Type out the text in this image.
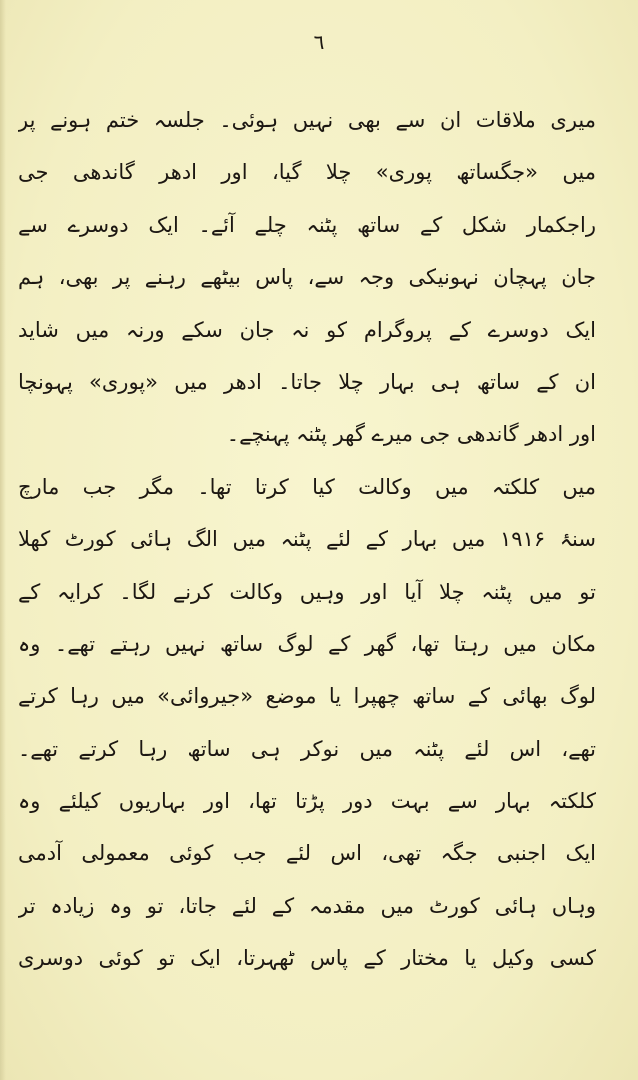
٦
میری ملاقات ان سے بھی نہیں ہوئی۔ جلسہ ختم ہونے پر
میں «جگساتھ پوری» چلا گیا، اور ادھر گاندھی جی
راجکمار شکل کے ساتھ پٹنہ چلے آئے۔ ایک دوسرے سے
جان پہچان نہونیکی وجہ سے، پاس بیٹھے رہنے پر بھی، ہم
ایک دوسرے کے پروگرام کو نہ جان سکے ورنہ میں شاید
ان کے ساتھ ہی بہار چلا جاتا۔ ادھر میں «پوری» پہونچا
اور ادھر گاندھی جی میرے گھر پٹنہ پہنچے۔
میں کلکتہ میں وکالت کیا کرتا تھا۔ مگر جب مارچ
سنۂ ۱۹۱۶ میں بہار کے لئے پٹنہ میں الگ ہائی کورٹ کھلا
تو میں پٹنہ چلا آیا اور وہیں وکالت کرنے لگا۔ کرایہ کے
مکان میں رہتا تھا، گھر کے لوگ ساتھ نہیں رہتے تھے۔ وہ
لوگ بھائی کے ساتھ چھپرا یا موضع «جیروائی» میں رہا کرتے
تھے، اس لئے پٹنہ میں نوکر ہی ساتھ رہا کرتے تھے۔
کلکتہ بہار سے بہت دور پڑتا تھا، اور بہاریوں کیلئے وہ
ایک اجنبی جگہ تھی، اس لئے جب کوئی معمولی آدمی
وہاں ہائی کورٹ میں مقدمہ کے لئے جاتا، تو وہ زیادہ تر
کسی وکیل یا مختار کے پاس ٹھہرتا، ایک تو کوئی دوسری
